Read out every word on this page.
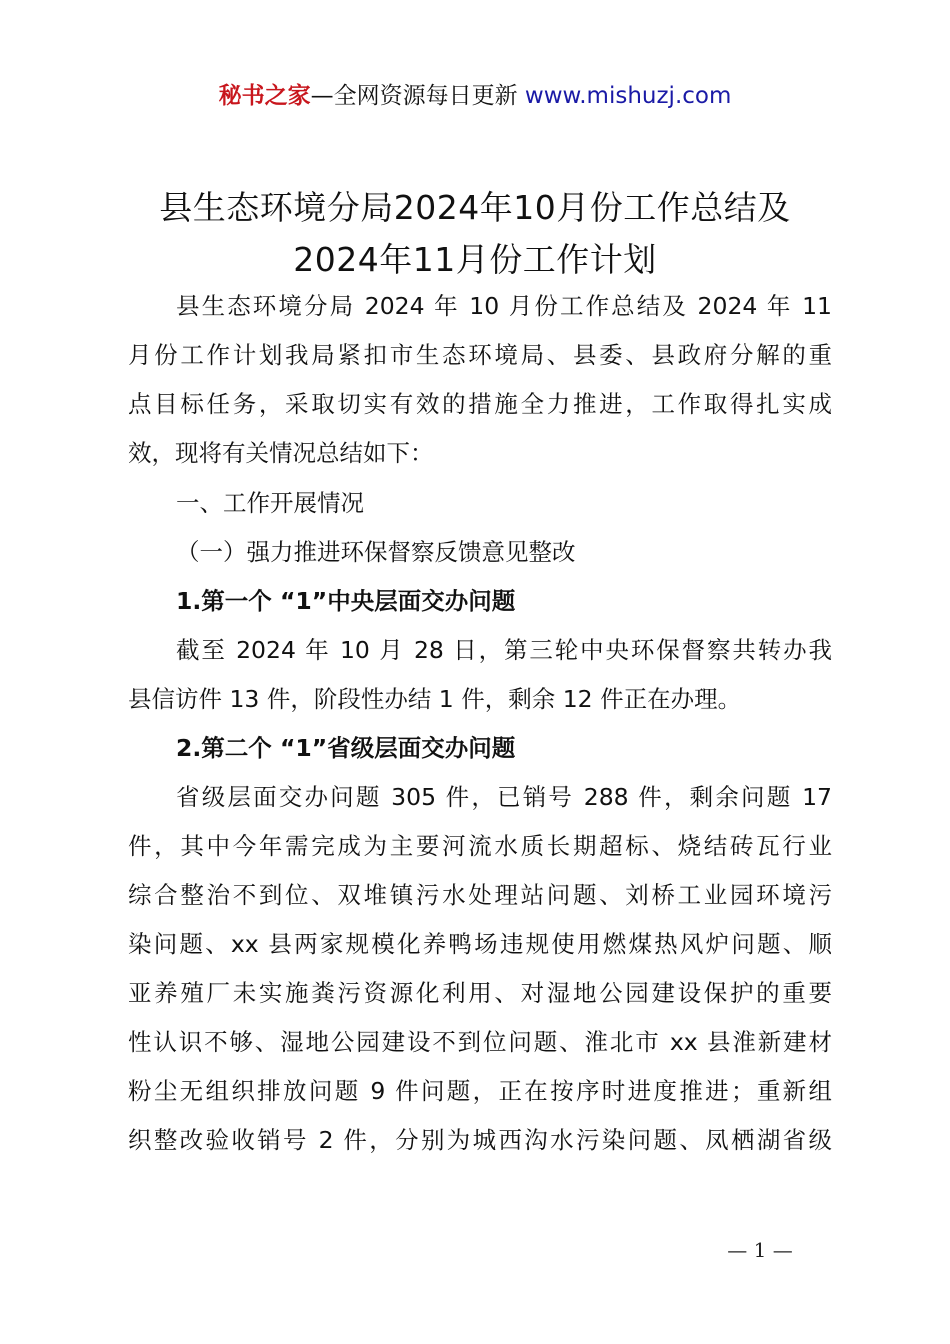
秘书之家—全网资源每日更新 www.mishuzj.com
县生态环境分局2024年10月份工作总结及
2024年11月份工作计划
县生态环境分局 2024 年 10 月份工作总结及 2024 年 11
月份工作计划我局紧扣市生态环境局、县委、县政府分解的重
点目标任务，采取切实有效的措施全力推进，工作取得扎实成
效，现将有关情况总结如下：
一、工作开展情况
（一）强力推进环保督察反馈意见整改
1.第一个 “1”中央层面交办问题
截至 2024 年 10 月 28 日，第三轮中央环保督察共转办我
县信访件 13 件，阶段性办结 1 件，剩余 12 件正在办理。
2.第二个 “1”省级层面交办问题
省级层面交办问题 305 件，已销号 288 件，剩余问题 17
件，其中今年需完成为主要河流水质长期超标、烧结砖瓦行业
综合整治不到位、双堆镇污水处理站问题、刘桥工业园环境污
染问题、xx 县两家规模化养鸭场违规使用燃煤热风炉问题、顺
亚养殖厂未实施粪污资源化利用、对湿地公园建设保护的重要
性认识不够、湿地公园建设不到位问题、淮北市 xx 县淮新建材
粉尘无组织排放问题 9 件问题，正在按序时进度推进；重新组
织整改验收销号 2 件，分别为城西沟水污染问题、凤栖湖省级
— 1 —
